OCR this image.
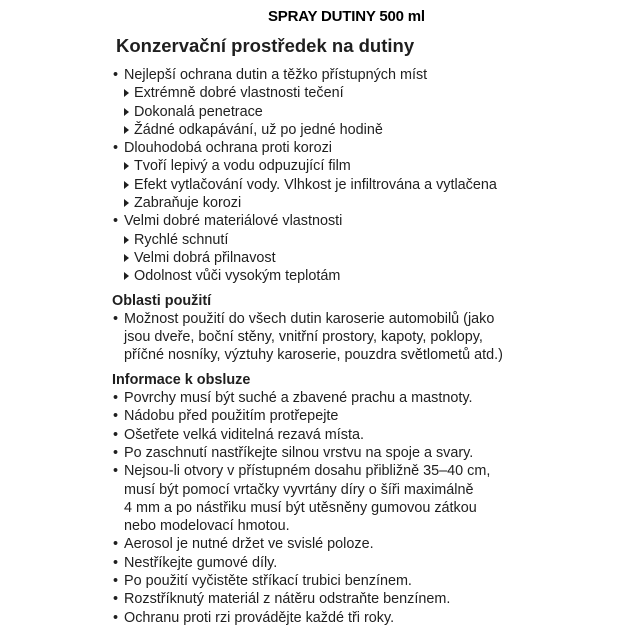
SPRAY DUTINY 500 ml
Konzervační prostředek na dutiny
• Nejlepší ochrana dutin a těžko přístupných míst
Extrémně dobré vlastnosti tečení
Dokonalá penetrace
Žádné odkapávání, už po jedné hodině
• Dlouhodobá ochrana proti korozi
Tvoří lepivý a vodu odpuzující film
Efekt vytlačování vody. Vlhkost je infiltrována a vytlačena
Zabraňuje korozi
• Velmi dobré materiálové vlastnosti
Rychlé schnutí
Velmi dobrá přilnavost
Odolnost vůči vysokým teplotám
Oblasti použití
• Možnost použití do všech dutin karoserie automobilů (jako
jsou dveře, boční stěny, vnitřní prostory, kapoty, poklopy,
příčné nosníky, výztuhy karoserie, pouzdra světlometů atd.)
Informace k obsluze
• Povrchy musí být suché a zbavené prachu a mastnoty.
• Nádobu před použitím protřepejte
• Ošetřete velká viditelná rezavá místa.
• Po zaschnutí nastříkejte silnou vrstvu na spoje a svary.
• Nejsou-li otvory v přístupném dosahu přibližně 35–40 cm,
musí být pomocí vrtačky vyvrtány díry o šíři maximálně
4 mm a po nástřiku musí být utěsněny gumovou zátkou
nebo modelovací hmotou.
• Aerosol je nutné držet ve svislé poloze.
• Nestříkejte gumové díly.
• Po použití vyčistěte stříkací trubici benzínem.
• Rozstříknutý materiál z nátěru odstraňte benzínem.
• Ochranu proti rzi provádějte každé tři roky.
